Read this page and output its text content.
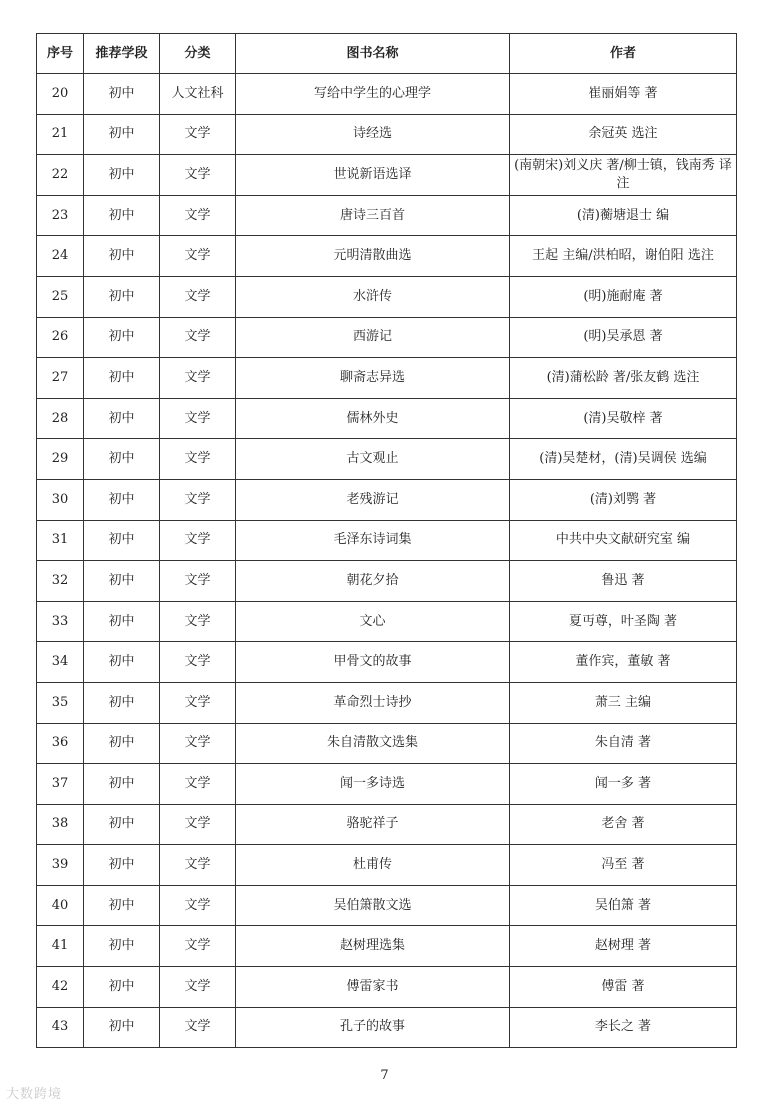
序号	推荐学段	分类	图书名称	作者
20	初中	人文社科	写给中学生的心理学	崔丽娟等 著
21	初中	文学	诗经选	余冠英 选注
22	初中	文学	世说新语选译	(南朝宋)刘义庆 著/柳士镇，钱南秀 译注
23	初中	文学	唐诗三百首	(清)蘅塘退士 编
24	初中	文学	元明清散曲选	王起 主编/洪柏昭，谢伯阳 选注
25	初中	文学	水浒传	(明)施耐庵 著
26	初中	文学	西游记	(明)吴承恩 著
27	初中	文学	聊斋志异选	(清)蒲松龄 著/张友鹤 选注
28	初中	文学	儒林外史	(清)吴敬梓 著
29	初中	文学	古文观止	(清)吴楚材，(清)吴调侯 选编
30	初中	文学	老残游记	(清)刘鹗 著
31	初中	文学	毛泽东诗词集	中共中央文献研究室 编
32	初中	文学	朝花夕拾	鲁迅 著
33	初中	文学	文心	夏丏尊，叶圣陶 著
34	初中	文学	甲骨文的故事	董作宾，董敏 著
35	初中	文学	革命烈士诗抄	萧三 主编
36	初中	文学	朱自清散文选集	朱自清 著
37	初中	文学	闻一多诗选	闻一多 著
38	初中	文学	骆驼祥子	老舍 著
39	初中	文学	杜甫传	冯至 著
40	初中	文学	吴伯箫散文选	吴伯箫 著
41	初中	文学	赵树理选集	赵树理 著
42	初中	文学	傅雷家书	傅雷 著
43	初中	文学	孔子的故事	李长之 著
7
大数跨境
